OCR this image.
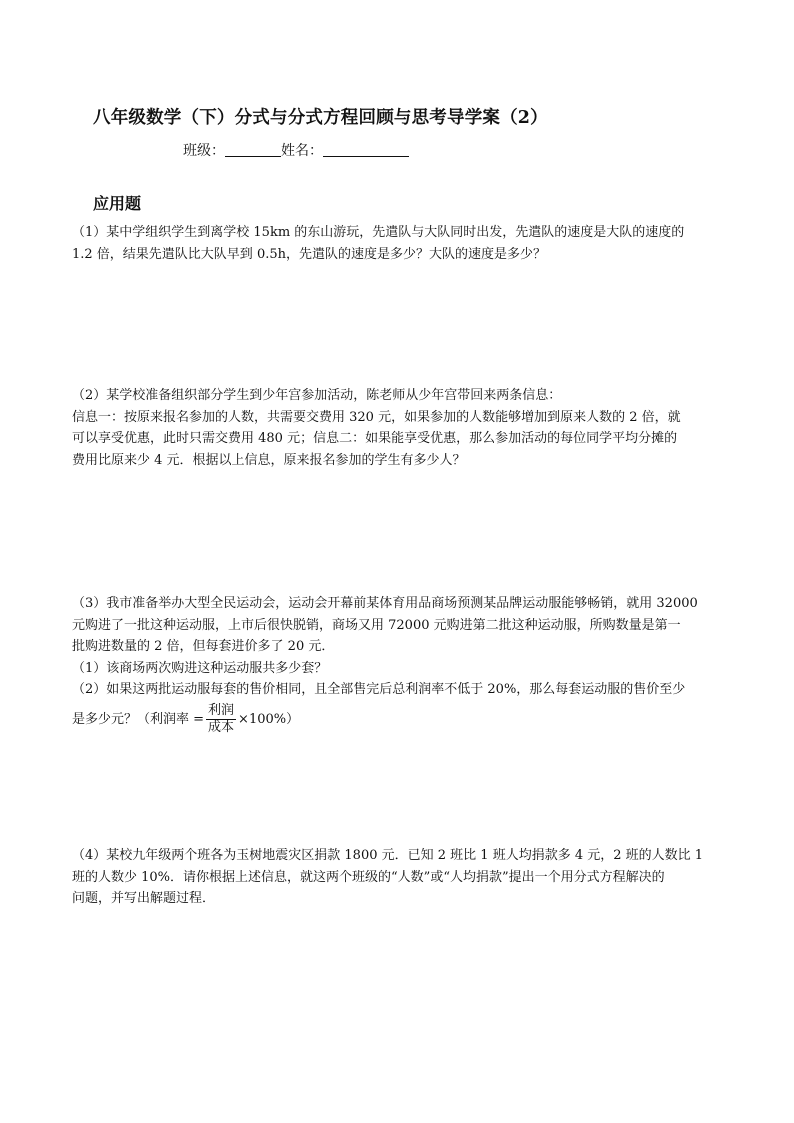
八年级数学（下）分式与分式方程回顾与思考导学案（2）
班级：	姓名：
应用题
（1）某中学组织学生到离学校 15km 的东山游玩，先遣队与大队同时出发，先遣队的速度是大队的速度的
1.2 倍，结果先遣队比大队早到 0.5h，先遣队的速度是多少？大队的速度是多少？
（2）某学校准备组织部分学生到少年宫参加活动，陈老师从少年宫带回来两条信息：
信息一：按原来报名参加的人数，共需要交费用 320 元，如果参加的人数能够增加到原来人数的 2 倍，就
可以享受优惠，此时只需交费用 480 元；信息二：如果能享受优惠，那么参加活动的每位同学平均分摊的
费用比原来少 4 元．根据以上信息，原来报名参加的学生有多少人？
（3）我市准备举办大型全民运动会，运动会开幕前某体育用品商场预测某品牌运动服能够畅销，就用 32000
元购进了一批这种运动服，上市后很快脱销，商场又用 72000 元购进第二批这种运动服，所购数量是第一
批购进数量的 2 倍，但每套进价多了 20 元．
（1）该商场两次购进这种运动服共多少套？
（2）如果这两批运动服每套的售价相同，且全部售完后总利润率不低于 20%，那么每套运动服的售价至少
是多少元？（利润率 = $\frac{\text{利润}}{\text{成本}} \times 100\%$）
（4）某校九年级两个班各为玉树地震灾区捐款 1800 元．已知 2 班比 1 班人均捐款多 4 元，2 班的人数比 1
班的人数少 10%．请你根据上述信息，就这两个班级的“人数”或“人均捐款”提出一个用分式方程解决的
问题，并写出解题过程．
